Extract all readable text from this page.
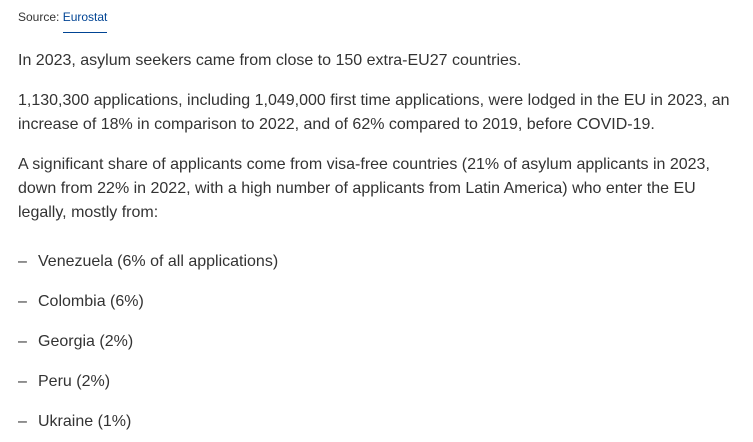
Source: Eurostat

In 2023, asylum seekers came from close to 150 extra-EU27 countries.

1,130,300 applications, including 1,049,000 first time applications, were lodged in the EU in 2023, an increase of 18% in comparison to 2022, and of 62% compared to 2019, before COVID-19.

A significant share of applicants come from visa-free countries (21% of asylum applicants in 2023, down from 22% in 2022, with a high number of applicants from Latin America) who enter the EU legally, mostly from:

– Venezuela (6% of all applications)
– Colombia (6%)
– Georgia (2%)
– Peru (2%)
– Ukraine (1%)
